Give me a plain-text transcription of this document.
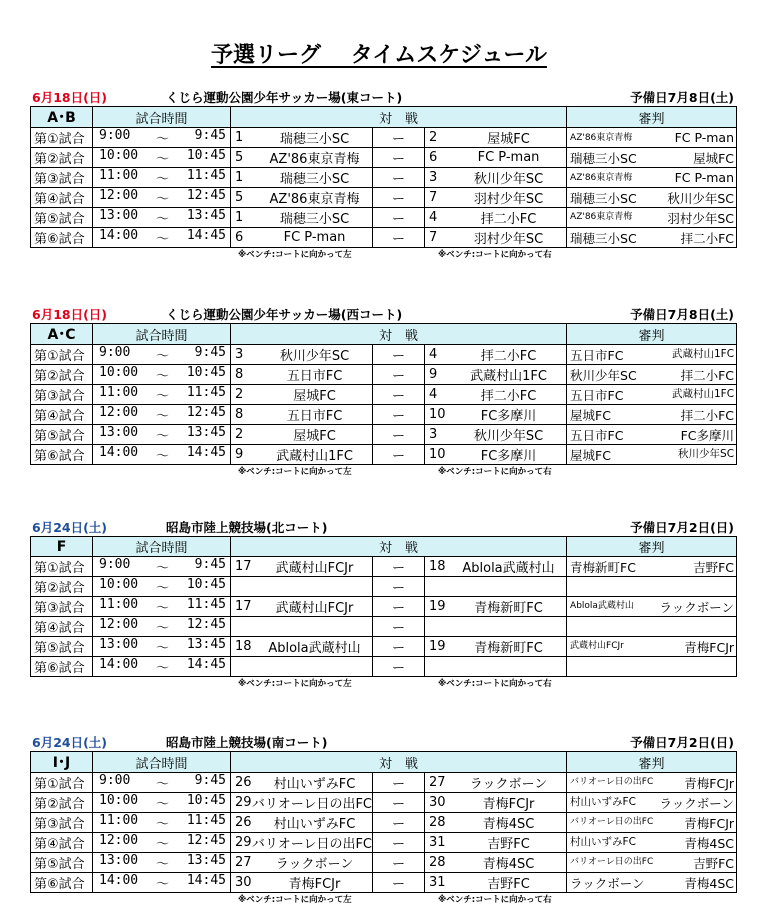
予選リーグ　 タイムスケジュール
6月18日(日)	くじら運動公園少年サッカー場(東コート)	予備日7月8日(土)
A･B	試合時間	対　戦			審判
第①試合	9:00 ～ 9:45	1 瑞穂三小SC	ー	2 屋城FC	AZ'86東京青梅 FC P-man

第②試合	10:00 ～ 10:45	5 AZ'86東京青梅	ー	6 FC P-man	瑞穂三小SC 屋城FC

第③試合	11:00 ～ 11:45	1 瑞穂三小SC	ー	3 秋川少年SC	AZ'86東京青梅 FC P-man

第④試合	12:00 ～ 12:45	5 AZ'86東京青梅	ー	7 羽村少年SC	瑞穂三小SC 秋川少年SC

第⑤試合	13:00 ～ 13:45	1 瑞穂三小SC	ー	4 拝二小FC	AZ'86東京青梅 羽村少年SC

第⑥試合	14:00 ～ 14:45	6 FC P-man	ー	7 羽村少年SC	瑞穂三小SC 拝二小FC
※ベンチ:コートに向かって左	※ベンチ:コートに向かって右
6月18日(日)	くじら運動公園少年サッカー場(西コート)	予備日7月8日(土)
A･C	試合時間	対　戦			審判
第①試合	9:00 ～ 9:45	3 秋川少年SC	ー	4 拝二小FC	五日市FC 武蔵村山1FC

第②試合	10:00 ～ 10:45	8 五日市FC	ー	9 武蔵村山1FC	秋川少年SC 拝二小FC

第③試合	11:00 ～ 11:45	2 屋城FC	ー	4 拝二小FC	五日市FC 武蔵村山1FC

第④試合	12:00 ～ 12:45	8 五日市FC	ー	10 FC多摩川	屋城FC 拝二小FC

第⑤試合	13:00 ～ 13:45	2 屋城FC	ー	3 秋川少年SC	五日市FC FC多摩川

第⑥試合	14:00 ～ 14:45	9 武蔵村山1FC	ー	10 FC多摩川	屋城FC 秋川少年SC
※ベンチ:コートに向かって左	※ベンチ:コートに向かって右
6月24日(土)	昭島市陸上競技場(北コート)	予備日7月2日(日)
F	試合時間	対　戦			審判
第①試合	9:00 ～ 9:45	17 武蔵村山FCJr	ー	18 Ablola武蔵村山	青梅新町FC 吉野FC

第②試合	10:00 ～ 10:45		ー	

第③試合	11:00 ～ 11:45	17 武蔵村山FCJr	ー	19 青梅新町FC	Ablola武蔵村山 ラックボーン

第④試合	12:00 ～ 12:45		ー	

第⑤試合	13:00 ～ 13:45	18 Ablola武蔵村山	ー	19 青梅新町FC	武蔵村山FCJr 青梅FCJr

第⑥試合	14:00 ～ 14:45		ー	

※ベンチ:コートに向かって左	※ベンチ:コートに向かって右
6月24日(土)	昭島市陸上競技場(南コート)	予備日7月2日(日)
I･J	試合時間	対　戦			審判
第①試合	9:00 ～ 9:45	26 村山いずみFC	ー	27 ラックボーン	バリオーレ日の出FC 青梅FCJr

第②試合	10:00 ～ 10:45	29 バリオーレ日の出FC	ー	30 青梅FCJr	村山いずみFC ラックボーン

第③試合	11:00 ～ 11:45	26 村山いずみFC	ー	28 青梅4SC	バリオーレ日の出FC 青梅FCJr

第④試合	12:00 ～ 12:45	29 バリオーレ日の出FC	ー	31 吉野FC	村山いずみFC 青梅4SC

第⑤試合	13:00 ～ 13:45	27 ラックボーン	ー	28 青梅4SC	バリオーレ日の出FC 吉野FC

第⑥試合	14:00 ～ 14:45	30 青梅FCJr	ー	31 吉野FC	ラックボーン 青梅4SC
※ベンチ:コートに向かって左	※ベンチ:コートに向かって右
